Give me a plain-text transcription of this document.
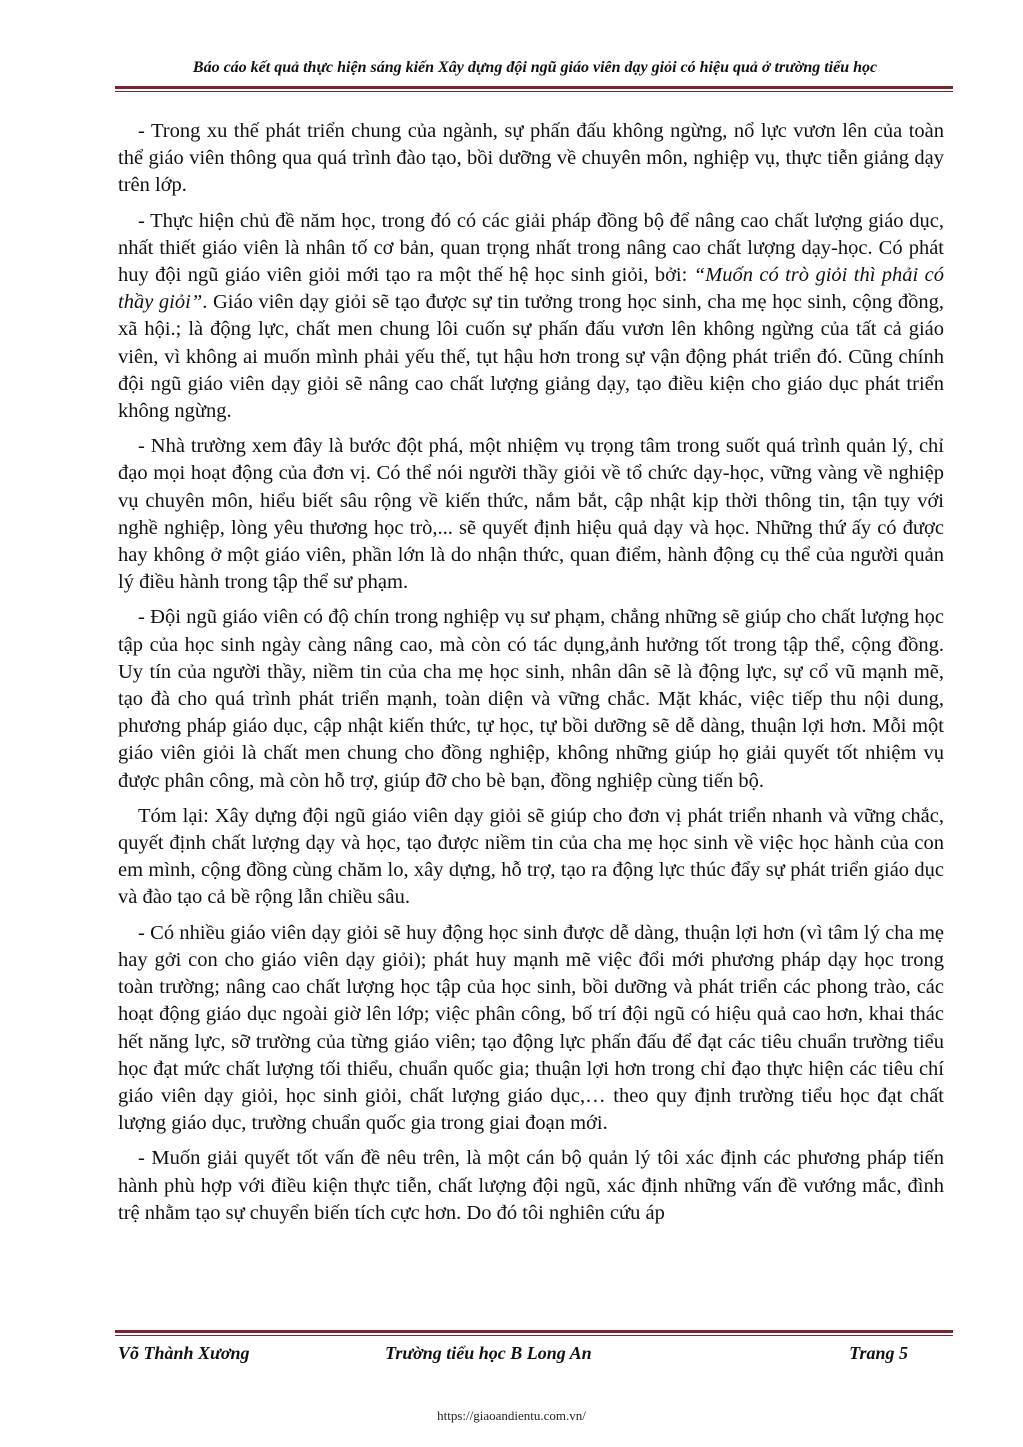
Báo cáo kết quả thực hiện sáng kiến Xây dựng đội ngũ giáo viên dạy giỏi có hiệu quả ở trường tiểu học

- Trong xu thế phát triển chung của ngành, sự phấn đấu không ngừng, nổ lực vươn lên của toàn thể giáo viên thông qua quá trình đào tạo, bồi dưỡng về chuyên môn, nghiệp vụ, thực tiễn giảng dạy trên lớp.

- Thực hiện chủ đề năm học, trong đó có các giải pháp đồng bộ để nâng cao chất lượng giáo dục, nhất thiết giáo viên là nhân tố cơ bản, quan trọng nhất trong nâng cao chất lượng dạy-học. Có phát huy đội ngũ giáo viên giỏi mới tạo ra một thế hệ học sinh giỏi, bởi: “Muốn có trò giỏi thì phải có thầy giỏi”. Giáo viên dạy giỏi sẽ tạo được sự tin tưởng trong học sinh, cha mẹ học sinh, cộng đồng, xã hội.; là động lực, chất men chung lôi cuốn sự phấn đấu vươn lên không ngừng của tất cả giáo viên, vì không ai muốn mình phải yếu thế, tụt hậu hơn trong sự vận động phát triển đó. Cũng chính đội ngũ giáo viên dạy giỏi sẽ nâng cao chất lượng giảng dạy, tạo điều kiện cho giáo dục phát triển không ngừng.

- Nhà trường xem đây là bước đột phá, một nhiệm vụ trọng tâm trong suốt quá trình quản lý, chỉ đạo mọi hoạt động của đơn vị. Có thể nói người thầy giỏi về tổ chức dạy-học, vững vàng về nghiệp vụ chuyên môn, hiểu biết sâu rộng về kiến thức, nắm bắt, cập nhật kịp thời thông tin, tận tụy với nghề nghiệp, lòng yêu thương học trò,... sẽ quyết định hiệu quả dạy và học. Những thứ ấy có được hay không ở một giáo viên, phần lớn là do nhận thức, quan điểm, hành động cụ thể của người quản lý điều hành trong tập thể sư phạm.

- Đội ngũ giáo viên có độ chín trong nghiệp vụ sư phạm, chẳng những sẽ giúp cho chất lượng học tập của học sinh ngày càng nâng cao, mà còn có tác dụng,ảnh hưởng tốt trong tập thể, cộng đồng. Uy tín của người thầy, niềm tin của cha mẹ học sinh, nhân dân sẽ là động lực, sự cổ vũ mạnh mẽ, tạo đà cho quá trình phát triển mạnh, toàn diện và vững chắc. Mặt khác, việc tiếp thu nội dung, phương pháp giáo dục, cập nhật kiến thức, tự học, tự bồi dưỡng sẽ dễ dàng, thuận lợi hơn. Mỗi một giáo viên giỏi là chất men chung cho đồng nghiệp, không những giúp họ giải quyết tốt nhiệm vụ được phân công, mà còn hỗ trợ, giúp đỡ cho bè bạn, đồng nghiệp cùng tiến bộ.

Tóm lại: Xây dựng đội ngũ giáo viên dạy giỏi sẽ giúp cho đơn vị phát triển nhanh và vững chắc, quyết định chất lượng dạy và học, tạo được niềm tin của cha mẹ học sinh về việc học hành của con em mình, cộng đồng cùng chăm lo, xây dựng, hỗ trợ, tạo ra động lực thúc đẩy sự phát triển giáo dục và đào tạo cả bề rộng lẫn chiều sâu.

- Có nhiều giáo viên dạy giỏi sẽ huy động học sinh được dễ dàng, thuận lợi hơn (vì tâm lý cha mẹ hay gởi con cho giáo viên dạy giỏi); phát huy mạnh mẽ việc đổi mới phương pháp dạy học trong toàn trường; nâng cao chất lượng học tập của học sinh, bồi dưỡng và phát triển các phong trào, các hoạt động giáo dục ngoài giờ lên lớp; việc phân công, bố trí đội ngũ có hiệu quả cao hơn, khai thác hết năng lực, sỡ trường của từng giáo viên; tạo động lực phấn đấu để đạt các tiêu chuẩn trường tiểu học đạt mức chất lượng tối thiểu, chuẩn quốc gia; thuận lợi hơn trong chỉ đạo thực hiện các tiêu chí giáo viên dạy giỏi, học sinh giỏi, chất lượng giáo dục,… theo quy định trường tiểu học đạt chất lượng giáo dục, trường chuẩn quốc gia trong giai đoạn mới.

- Muốn giải quyết tốt vấn đề nêu trên, là một cán bộ quản lý tôi xác định các phương pháp tiến hành phù hợp với điều kiện thực tiễn, chất lượng đội ngũ, xác định những vấn đề vướng mắc, đình trệ nhằm tạo sự chuyển biến tích cực hơn. Do đó tôi nghiên cứu áp

Võ Thành Xương	Trường tiểu học B Long An	Trang 5
https://giaoandientu.com.vn/
